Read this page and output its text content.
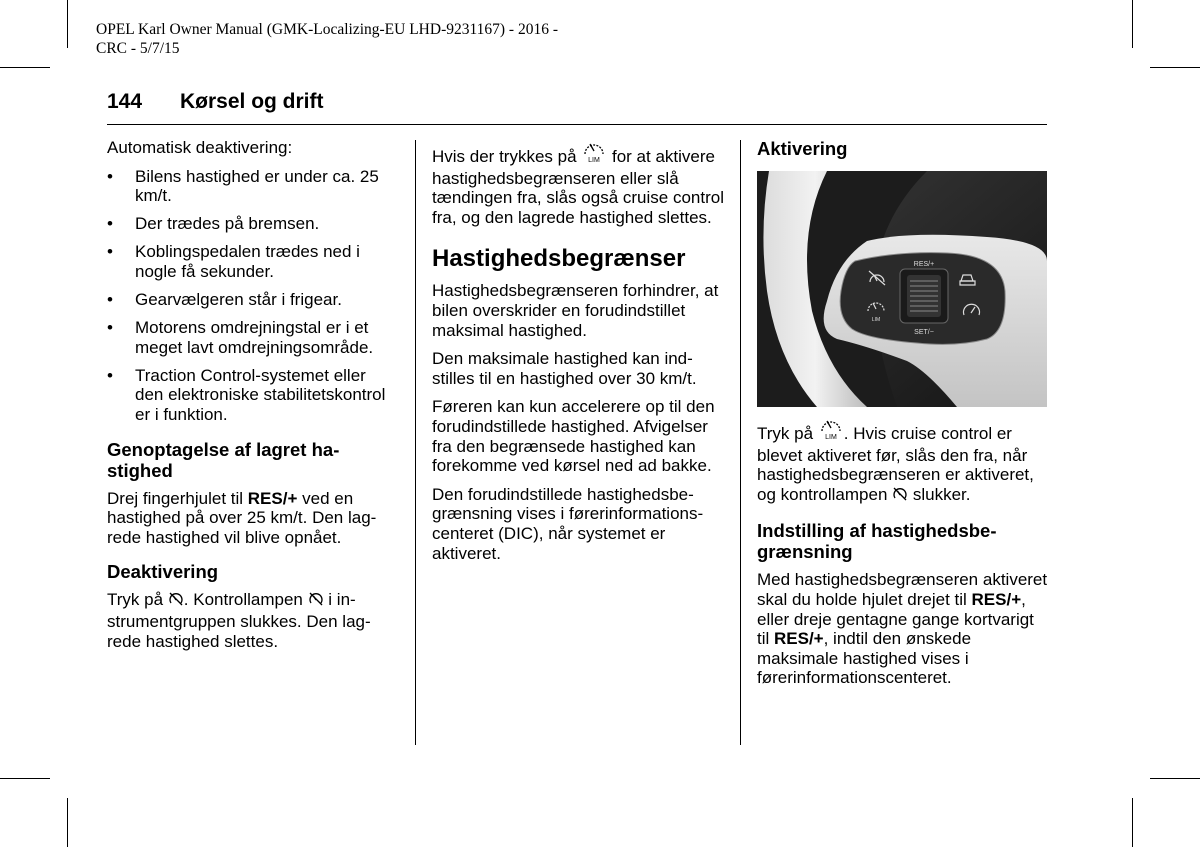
OPEL Karl Owner Manual (GMK-Localizing-EU LHD-9231167) - 2016 -
CRC - 5/7/15
144 Kørsel og drift

Automatisk deaktivering:

• Bilens hastighed er under ca. 25 km/t.
• Der trædes på bremsen.
• Koblingspedalen trædes ned i nogle få sekunder.
• Gearvælgeren står i frigear.
• Motorens omdrejningstal er i et meget lavt omdrejningsområde.
• Traction Control-systemet eller den elektroniske stabilitetskontrol er i funktion.
Genoptagelse af lagret hastighed

Drej fingerhjulet til RES/+ ved en hastighed på over 25 km/t. Den lagrede hastighed vil blive opnået.

Deaktivering

Tryk på . Kontrollampen  i instrumentgruppen slukkes. Den lagrede hastighed slettes.

Hvis der trykkes på LIM for at aktivere hastighedsbegrænseren eller slå tændingen fra, slås også cruise control fra, og den lagrede hastighed slettes.

Hastighedsbegrænser

Hastighedsbegrænseren forhindrer, at bilen overskrider en forudindstillet maksimal hastighed.

Den maksimale hastighed kan indstilles til en hastighed over 30 km/t.

Føreren kan kun accelerere op til den forudindstillede hastighed. Afvigelser fra den begrænsede hastighed kan forekomme ved kørsel ned ad bakke.

Den forudindstillede hastighedsbegrænsning vises i førerinformationscenteret (DIC), når systemet er aktiveret.

Aktivering
RES/+
SET/−
LIM

Tryk på LIM . Hvis cruise control er blevet aktiveret før, slås den fra, når hastighedsbegrænseren er aktiveret, og kontrollampen  slukker.

Indstilling af hastighedsbegrænsning

Med hastighedsbegrænseren aktiveret skal du holde hjulet drejet til RES/+, eller dreje gentagne gange kortvarigt til RES/+, indtil den ønskede maksimale hastighed vises i førerinformationscenteret.
